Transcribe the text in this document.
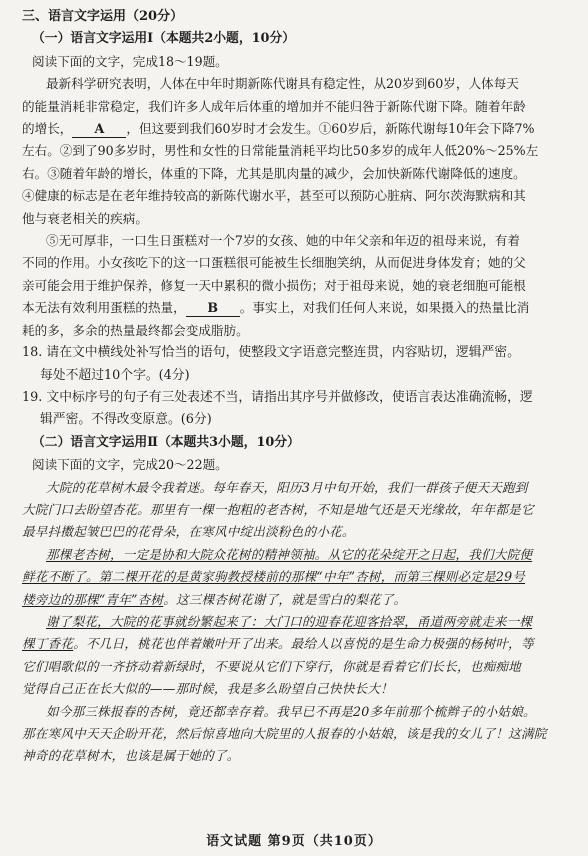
三、语言文字运用（20分）
（一）语言文字运用Ⅰ（本题共2小题，10分）
阅读下面的文字，完成18～19题。
最新科学研究表明，人体在中年时期新陈代谢具有稳定性，从20岁到60岁，人体每天
的能量消耗非常稳定，我们许多人成年后体重的增加并不能归咎于新陈代谢下降。随着年龄
的增长， A ，但这要到我们60岁时才会发生。①60岁后，新陈代谢每10年会下降7%
左右。②到了90多岁时，男性和女性的日常能量消耗平均比50多岁的成年人低20%～25%左
右。③随着年龄的增长，体重的下降，尤其是肌肉量的减少，会加快新陈代谢降低的速度。
④健康的标志是在老年维持较高的新陈代谢水平，甚至可以预防心脏病、阿尔茨海默病和其
他与衰老相关的疾病。
⑤无可厚非，一口生日蛋糕对一个7岁的女孩、她的中年父亲和年迈的祖母来说，有着
不同的作用。小女孩吃下的这一口蛋糕很可能被生长细胞笑纳，从而促进身体发育；她的父
亲可能会用于维护保养，修复一天中累积的微小损伤；对于祖母来说，她的衰老细胞可能根
本无法有效利用蛋糕的热量， B 。事实上，对我们任何人来说，如果摄入的热量比消
耗的多，多余的热量最终都会变成脂肪。
18. 请在文中横线处补写恰当的语句，使整段文字语意完整连贯，内容贴切，逻辑严密。
每处不超过10个字。(4分)
19. 文中标序号的句子有三处表述不当，请指出其序号并做修改，使语言表达准确流畅，逻
辑严密。不得改变原意。(6分)
（二）语言文字运用Ⅱ（本题共3小题，10分）
阅读下面的文字，完成20～22题。
大院的花草树木最令我着迷。每年春天，阳历3月中旬开始，我们一群孩子便天天跑到
大院门口去盼望杏花。那里有一棵一抱粗的老杏树，不知是地气还是天光缘故，年年都是它
最早抖擞起皱巴巴的花骨朵，在寒风中绽出淡粉色的小花。
那棵老杏树，一定是协和大院众花树的精神领袖。从它的花朵绽开之日起，我们大院便
鲜花不断了。第二棵开花的是黄家驹教授楼前的那棵“中年”杏树，而第三棵则必定是29号
楼旁边的那棵“青年”杏树。这三棵杏树花谢了，就是雪白的梨花了。
谢了梨花，大院的花事就纷繁起来了：大门口的迎春花迎客拾翠，甬道两旁就走来一棵
棵丁香花。不几日，桃花也伴着嫩叶开了出来。最给人以喜悦的是生命力极强的杨树叶，等
它们唱歌似的一齐挤动着新绿时，不要说从它们下穿行，你就是看着它们长长，也痴痴地
觉得自己正在长大似的——那时候，我是多么盼望自己快快长大！
如今那三株报春的杏树，竟还都幸存着。我早已不再是20多年前那个梳辫子的小姑娘。
那在寒风中天天企盼开花，然后惊喜地向大院里的人报春的小姑娘，该是我的女儿了！这满院
神奇的花草树木，也该是属于她的了。
语文试题 第9页（共10页）
